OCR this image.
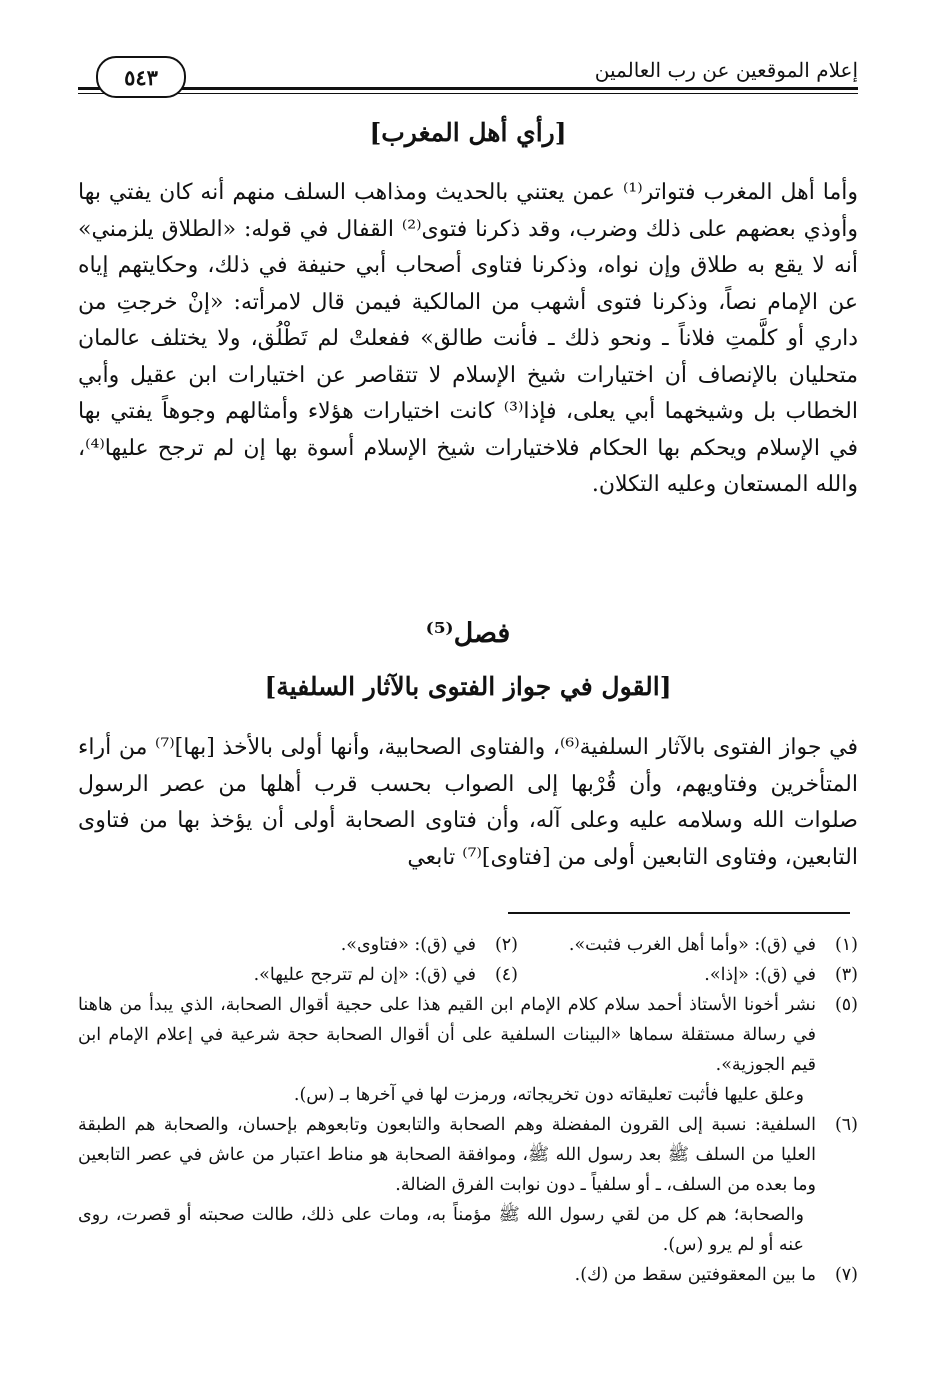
إعلام الموقعين عن رب العالمين
٥٤٣
[رأي أهل المغرب]
وأما أهل المغرب فتواتر⁽¹⁾ عمن يعتني بالحديث ومذاهب السلف منهم أنه كان يفتي بها وأوذي بعضهم على ذلك وضرب، وقد ذكرنا فتوى⁽²⁾ القفال في قوله: «الطلاق يلزمني» أنه لا يقع به طلاق وإن نواه، وذكرنا فتاوى أصحاب أبي حنيفة في ذلك، وحكايتهم إياه عن الإمام نصاً، وذكرنا فتوى أشهب من المالكية فيمن قال لامرأته: «إنْ خرجتِ من داري أو كلَّمتِ فلاناً ـ ونحو ذلك ـ فأنت طالق» ففعلتْ لم تَطْلُق، ولا يختلف عالمان متحليان بالإنصاف أن اختيارات شيخ الإسلام لا تتقاصر عن اختيارات ابن عقيل وأبي الخطاب بل وشيخهما أبي يعلى، فإذا⁽³⁾ كانت اختيارات هؤلاء وأمثالهم وجوهاً يفتي بها في الإسلام ويحكم بها الحكام فلاختيارات شيخ الإسلام أسوة بها إن لم ترجح عليها⁽⁴⁾، والله المستعان وعليه التكلان.
فصل⁽⁵⁾
[القول في جواز الفتوى بالآثار السلفية]
في جواز الفتوى بالآثار السلفية⁽⁶⁾، والفتاوى الصحابية، وأنها أولى بالأخذ [بها]⁽⁷⁾ من أراء المتأخرين وفتاويهم، وأن قُرْبها إلى الصواب بحسب قرب أهلها من عصر الرسول صلوات الله وسلامه عليه وعلى آله، وأن فتاوى الصحابة أولى أن يؤخذ بها من فتاوى التابعين، وفتاوى التابعين أولى من [فتاوى]⁽⁷⁾ تابعي
(١)
في (ق): «وأما أهل الغرب فثبت».
(٢)
في (ق): «فتاوى».
(٣)
في (ق): «إذا».
(٤)
في (ق): «إن لم تترجح عليها».
(٥)
نشر أخونا الأستاذ أحمد سلام كلام الإمام ابن القيم هذا على حجية أقوال الصحابة، الذي يبدأ من هاهنا في رسالة مستقلة سماها «البينات السلفية على أن أقوال الصحابة حجة شرعية في إعلام الإمام ابن قيم الجوزية».
وعلق عليها فأثبت تعليقاته دون تخريجاته، ورمزت لها في آخرها بـ (س).
(٦)
السلفية: نسبة إلى القرون المفضلة وهم الصحابة والتابعون وتابعوهم بإحسان، والصحابة هم الطبقة العليا من السلف ﷺ بعد رسول الله ﷺ، وموافقة الصحابة هو مناط اعتبار من عاش في عصر التابعين وما بعده من السلف، ـ أو سلفياً ـ دون نوابت الفرق الضالة.
والصحابة؛ هم كل من لقي رسول الله ﷺ مؤمناً به، ومات على ذلك، طالت صحبته أو قصرت، روى عنه أو لم يرو (س).
(٧)
ما بين المعقوفتين سقط من (ك).
